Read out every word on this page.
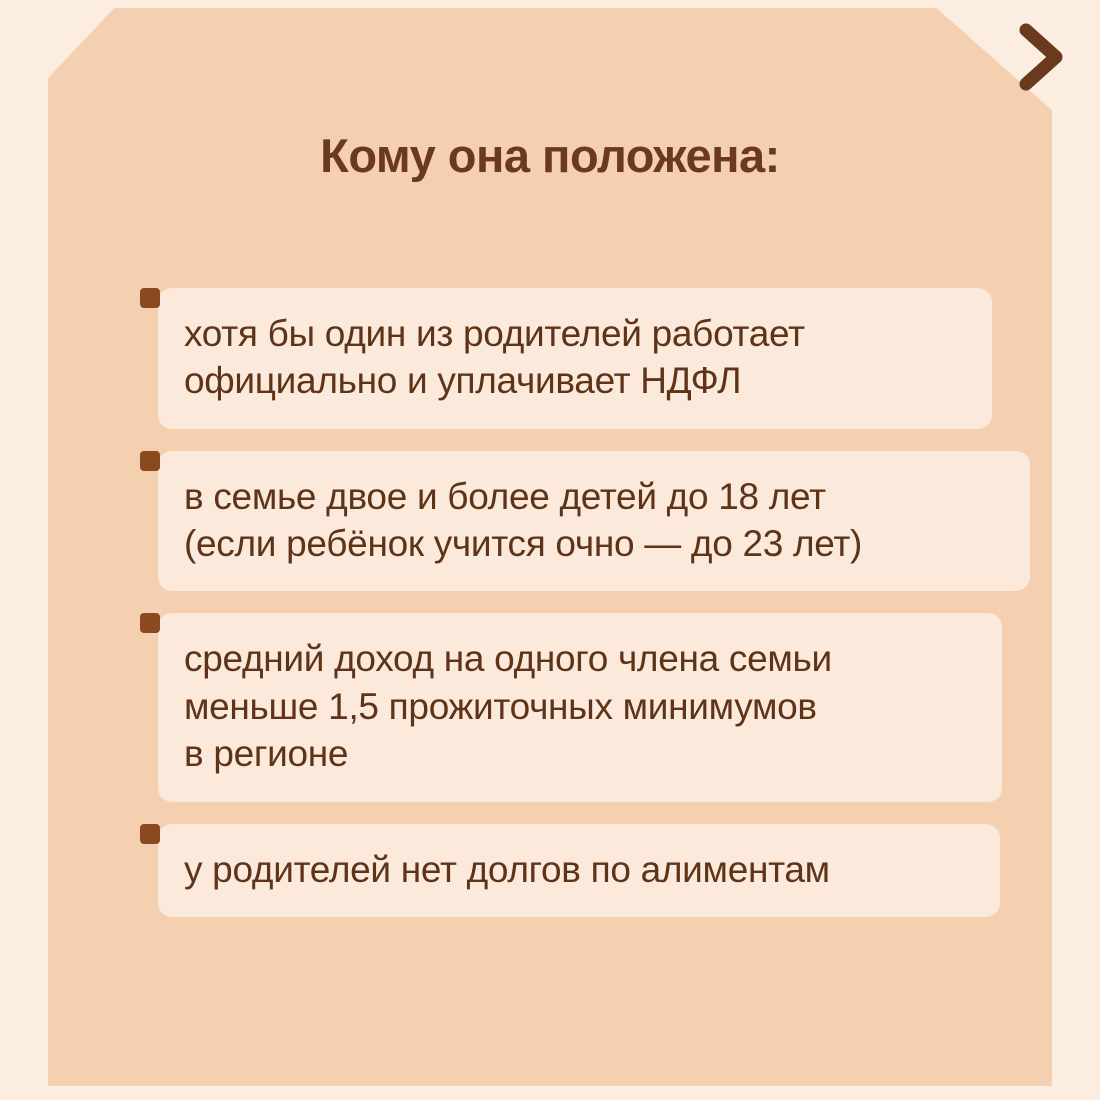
Кому она положена:
хотя бы один из родителей работает
официально и уплачивает НДФЛ
в семье двое и более детей до 18 лет
(если ребёнок учится очно — до 23 лет)
средний доход на одного члена семьи
меньше 1,5 прожиточных минимумов
в регионе
у родителей нет долгов по алиментам
